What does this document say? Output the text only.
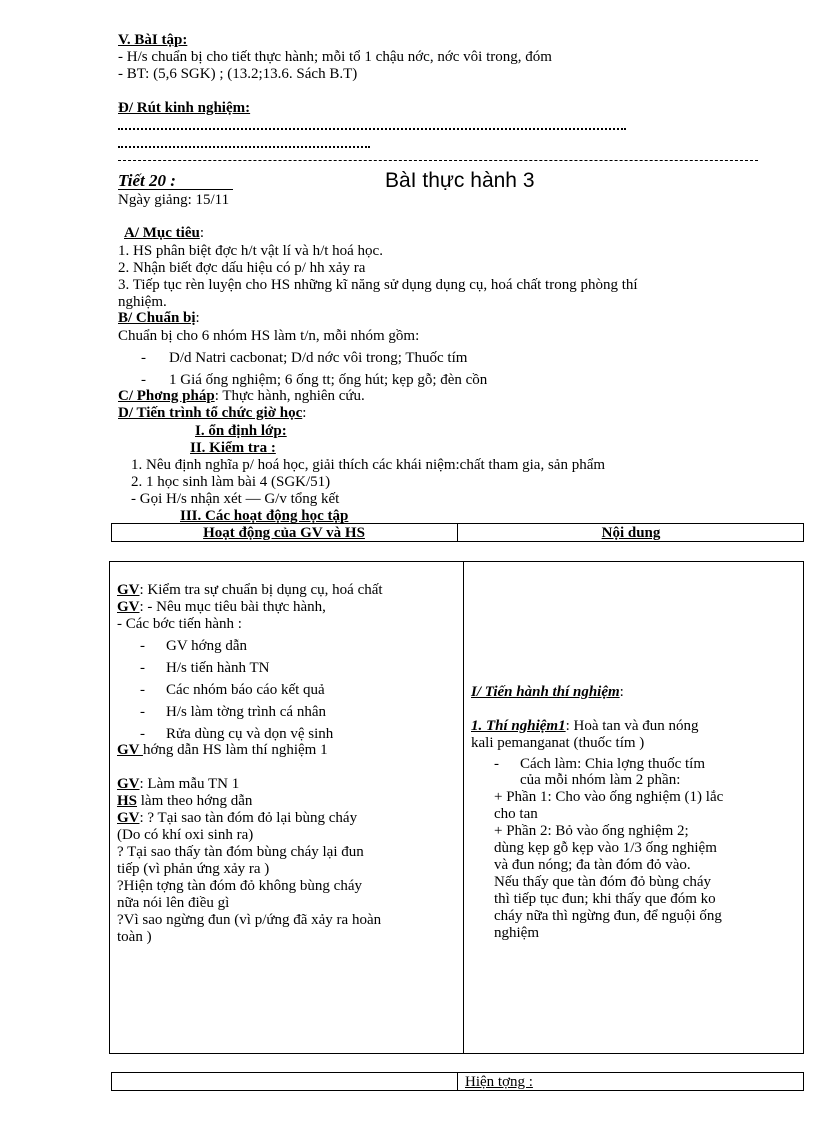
V. BàI tập:
- H/s chuẩn bị cho tiết thực hành; mỗi tổ 1 chậu nớc, nớc vôi trong, đóm
- BT: (5,6 SGK) ; (13.2;13.6. Sách B.T)
Đ/ Rút kinh nghiệm:
Tiết 20 :	BàI thực hành 3
Ngày giảng: 15/11
A/ Mục tiêu:
1. HS phân biệt đợc h/t vật lí và h/t hoá học.
2. Nhận biết đợc dấu hiệu có p/ hh xảy ra
3. Tiếp tục rèn luyện cho HS những kĩ năng sử dụng dụng cụ, hoá chất trong phòng thí
nghiệm.
B/ Chuẩn bị:
Chuẩn bị cho 6 nhóm HS làm t/n, mỗi nhóm gồm:
- D/d Natri cacbonat; D/d nớc vôi trong; Thuốc tím
- 1 Giá ống nghiệm; 6 ống tt; ống hút; kẹp gỗ; đèn cồn
C/ Phơng pháp: Thực hành, nghiên cứu.
D/ Tiến trình tổ chức giờ học:
I. ổn định lớp:
II. Kiểm tra :
1. Nêu định nghĩa p/ hoá học, giải thích các khái niệm:chất tham gia, sản phẩm
2. 1 học sinh làm bài 4 (SGK/51)
- Gọi H/s nhận xét — G/v tổng kết
III. Các hoạt động học tập
Hoạt động của GV và HS	Nội dung
GV: Kiểm tra sự chuẩn bị dụng cụ, hoá chất
GV: - Nêu mục tiêu bài thực hành,
- Các bớc tiến hành :
- GV hớng dẫn
- H/s tiến hành TN
- Các nhóm báo cáo kết quả
- H/s làm tờng trình cá nhân
- Rửa dùng cụ và dọn vệ sinh
GV hớng dẫn HS làm thí nghiệm 1
GV: Làm mẫu TN 1
HS làm theo hớng dẫn
GV: ? Tại sao tàn đóm đỏ lại bùng cháy
(Do có khí oxi sinh ra)
? Tại sao thấy tàn đóm bùng cháy lại đun
tiếp (vì phản ứng xảy ra )
?Hiện tợng tàn đóm đỏ không bùng cháy
nữa nói lên điều gì
?Vì sao ngừng đun (vì p/ứng đã xảy ra hoàn
toàn )
I/ Tiến hành thí nghiệm:
1. Thí nghiệm1: Hoà tan và đun nóng
kali pemanganat (thuốc tím )
- Cách làm: Chia lợng thuốc tím
của mỗi nhóm làm 2 phần:
+ Phần 1: Cho vào ống nghiệm (1) lắc
cho tan
+ Phần 2: Bỏ vào ống nghiệm 2;
dùng kẹp gỗ kẹp vào 1/3 ống nghiệm
và đun nóng; đa tàn đóm đỏ vào.
Nếu thấy que tàn đóm đỏ bùng cháy
thì tiếp tục đun; khi thấy que đóm ko
cháy nữa thì ngừng đun, để nguội ống
nghiệm
Hiện tợng :
